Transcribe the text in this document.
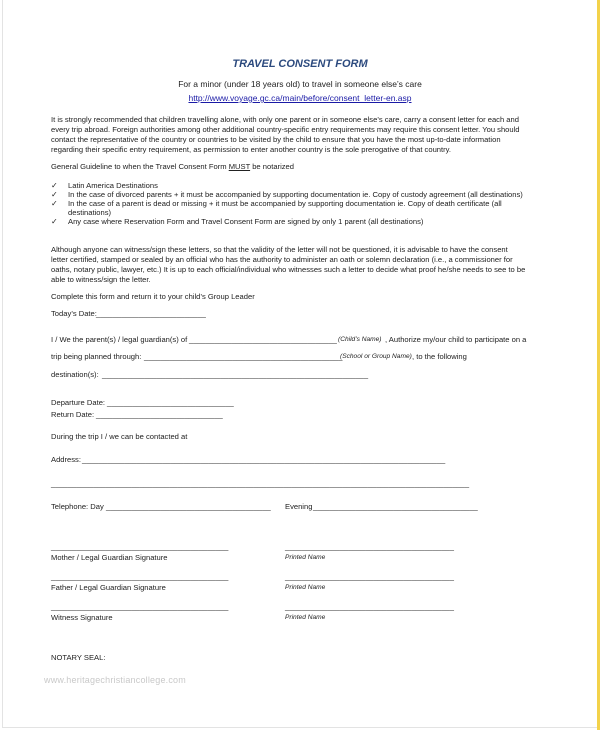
TRAVEL CONSENT FORM
For a minor (under 18 years old) to travel in someone else’s care
http://www.voyage.gc.ca/main/before/consent_letter-en.asp
It is strongly recommended that children travelling alone, with only one parent or in someone else’s care, carry a consent letter for each and
every trip abroad. Foreign authorities among other additional country-specific entry requirements may require this consent letter. You should
contact the representative of the country or countries to be visited by the child to ensure that you have the most up-to-date information
regarding their specific entry requirement, as permission to enter another country is the sole prerogative of that country.
General Guideline to when the Travel Consent Form MUST be notarized
✓ Latin America Destinations
✓ In the case of divorced parents + it must be accompanied by supporting documentation ie. Copy of custody agreement (all destinations)
✓ In the case of a parent is dead or missing + it must be accompanied by supporting documentation ie. Copy of death certificate (all
destinations)
✓ Any case where Reservation Form and Travel Consent Form are signed by only 1 parent (all destinations)
Although anyone can witness/sign these letters, so that the validity of the letter will not be questioned, it is advisable to have the consent
letter certified, stamped or sealed by an official who has the authority to administer an oath or solemn declaration (i.e., a commissioner for
oaths, notary public, lawyer, etc.) It is up to each official/individual who witnesses such a letter to decide what proof he/she needs to see to be
able to witness/sign the letter.
Complete this form and return it to your child’s Group Leader
Today’s Date: __________________________
I / We the parent(s) / legal guardian(s) of ___________________________________ (Child’s Name) , Authorize my/our child to participate on a
trip being planned through: _______________________________________________
(School or Group Name) , to the following
destination(s): _______________________________________________________________
Departure Date: ______________________________
Return Date: ______________________________
During the trip I / we can be contacted at
Address: ______________________________________________________________________________________
___________________________________________________________________________________________________
Telephone: Day _______________________________________ Evening _______________________________________
__________________________________________	________________________________________
Mother / Legal Guardian Signature	Printed Name
__________________________________________	________________________________________
Father / Legal Guardian Signature	Printed Name
__________________________________________	________________________________________
Witness Signature	Printed Name
NOTARY SEAL:
www.heritagechristiancollege.com
